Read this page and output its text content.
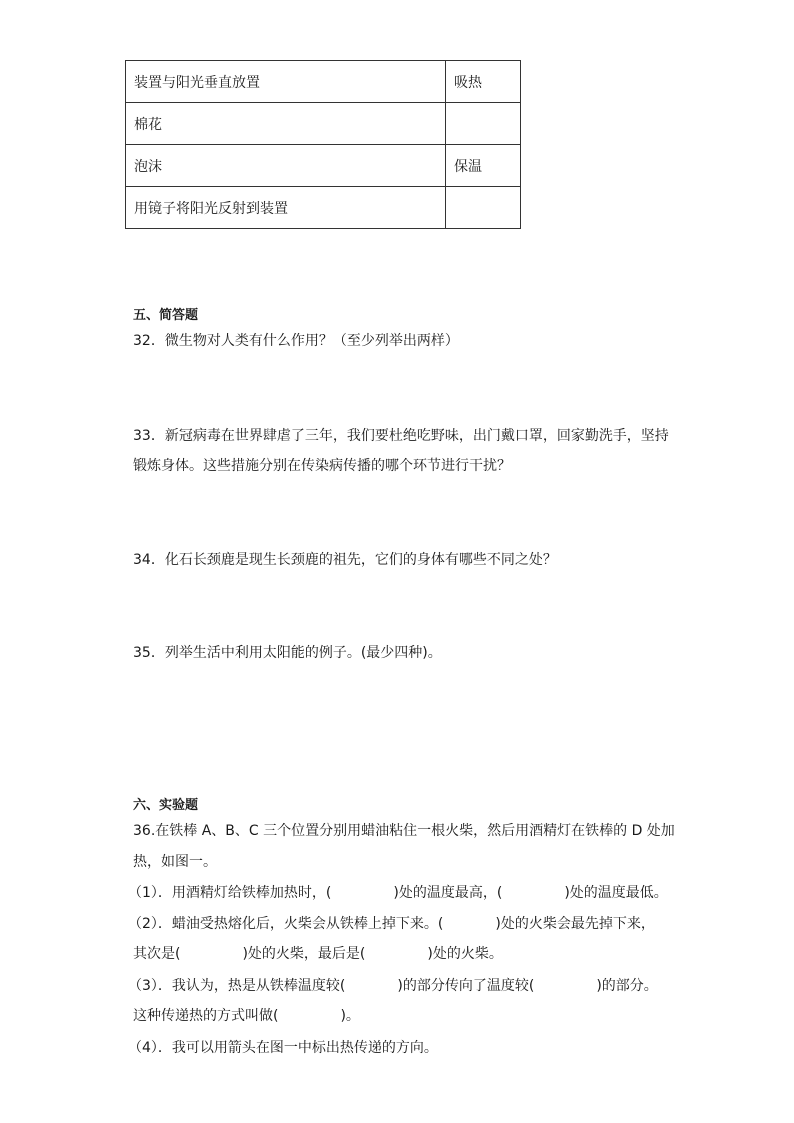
装置与阳光垂直放置	吸热
棉花	
泡沫	保温
用镜子将阳光反射到装置	
五、简答题
32．微生物对人类有什么作用？（至少列举出两样）
33．新冠病毒在世界肆虐了三年，我们要杜绝吃野味，出门戴口罩，回家勤洗手，坚持
锻炼身体。这些措施分别在传染病传播的哪个环节进行干扰？
34．化石长颈鹿是现生长颈鹿的祖先，它们的身体有哪些不同之处？
35．列举生活中利用太阳能的例子。(最少四种)。
六、实验题
36.在铁棒 A、B、C 三个位置分别用蜡油粘住一根火柴，然后用酒精灯在铁棒的 D 处加
热，如图一。
（1）．用酒精灯给铁棒加热时，(	)处的温度最高，(	)处的温度最低。
（2）．蜡油受热熔化后，火柴会从铁棒上掉下来。(	)处的火柴会最先掉下来，
其次是(	)处的火柴，最后是(	)处的火柴。
（3）．我认为，热是从铁棒温度较(	)的部分传向了温度较(	)的部分。
这种传递热的方式叫做(	)。
（4）．我可以用箭头在图一中标出热传递的方向。
